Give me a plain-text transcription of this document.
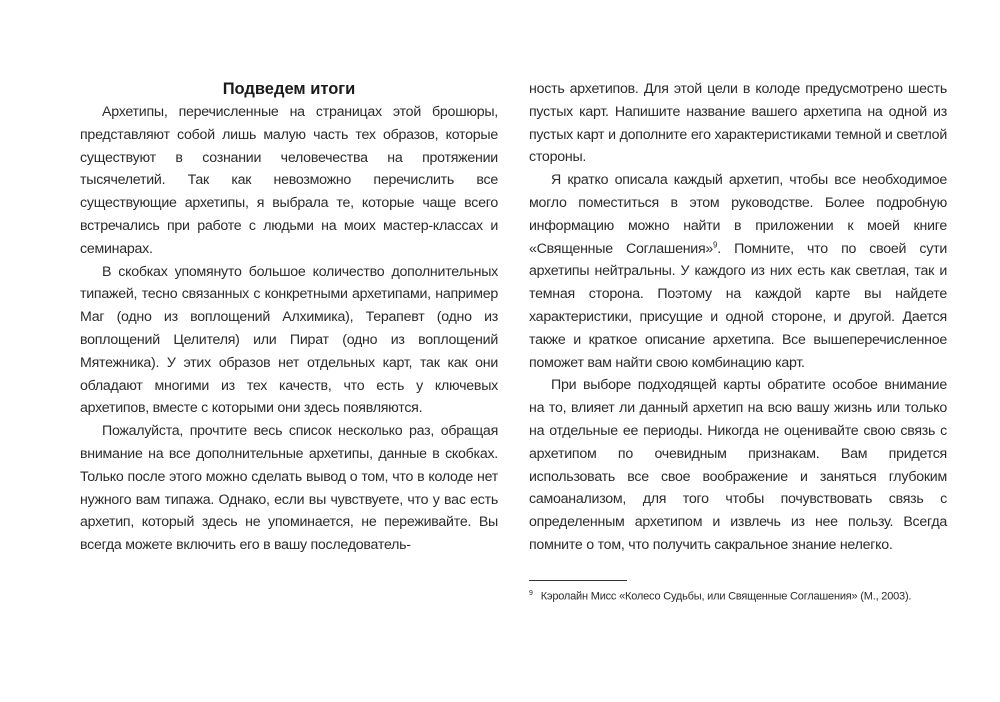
Подведем итоги

Архетипы, перечисленные на страницах этой брошюры, представляют собой лишь малую часть тех образов, которые существуют в сознании человечества на протяжении тысячелетий. Так как невозможно перечислить все существующие архетипы, я выбрала те, которые чаще всего встречались при работе с людьми на моих мастер-классах и семинарах.

В скобках упомянуто большое количество дополнительных типажей, тесно связанных с конкретными архетипами, например Маг (одно из воплощений Алхимика), Терапевт (одно из воплощений Целителя) или Пират (одно из воплощений Мятежника). У этих образов нет отдельных карт, так как они обладают многими из тех качеств, что есть у ключевых архетипов, вместе с которыми они здесь появляются.

Пожалуйста, прочтите весь список несколько раз, обращая внимание на все дополнительные архетипы, данные в скобках. Только после этого можно сделать вывод о том, что в колоде нет нужного вам типажа. Однако, если вы чувствуете, что у вас есть архетип, который здесь не упоминается, не переживайте. Вы всегда можете включить его в вашу последователь-

ность архетипов. Для этой цели в колоде предусмотрено шесть пустых карт. Напишите название вашего архетипа на одной из пустых карт и дополните его характеристиками темной и светлой стороны.

Я кратко описала каждый архетип, чтобы все необходимое могло поместиться в этом руководстве. Более подробную информацию можно найти в приложении к моей книге «Священные Соглашения»$^9$. Помните, что по своей сути архетипы нейтральны. У каждого из них есть как светлая, так и темная сторона. Поэтому на каждой карте вы найдете характеристики, присущие и одной стороне, и другой. Дается также и краткое описание архетипа. Все вышеперечисленное поможет вам найти свою комбинацию карт.

При выборе подходящей карты обратите особое внимание на то, влияет ли данный архетип на всю вашу жизнь или только на отдельные ее периоды. Никогда не оценивайте свою связь с архетипом по очевидным признакам. Вам придется использовать все свое воображение и заняться глубоким самоанализом, для того чтобы почувствовать связь с определенным архетипом и извлечь из нее пользу. Всегда помните о том, что получить сакральное знание нелегко.

$^9$ Кэролайн Мисс «Колесо Судьбы, или Священные Соглашения» (М., 2003).
